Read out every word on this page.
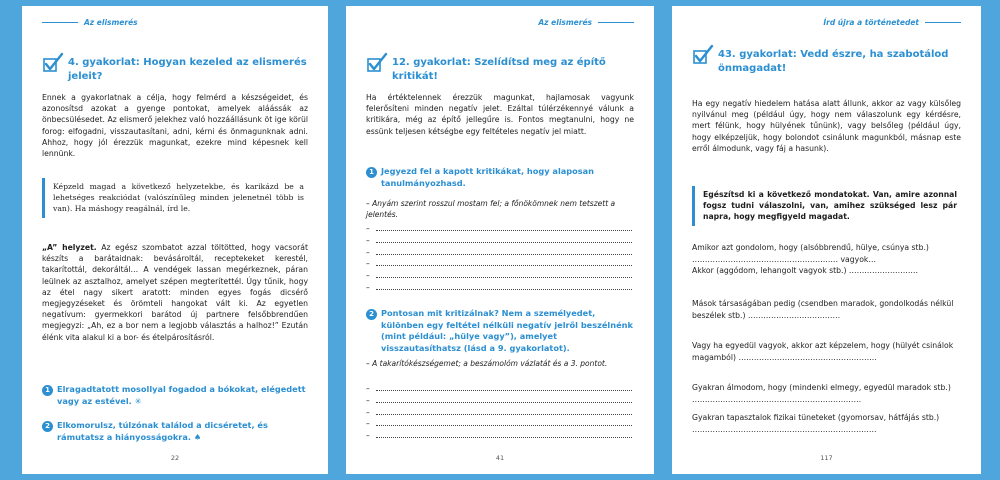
Az elismerés
4. gyakorlat: Hogyan kezeled az elismerés jeleit?
Ennek a gyakorlatnak a célja, hogy felmérd a készségeidet, és azonosítsd azokat a gyenge pontokat, amelyek aláássák az önbecsülésedet. Az elismerő jelekhez való hozzáállásunk öt ige körül forog: elfogadni, visszautasítani, adni, kérni és önmagunknak adni. Ahhoz, hogy jól érezzük magunkat, ezekre mind képesnek kell lennünk.
Képzeld magad a következő helyzetekbe, és karikázd be a lehetséges reakciódat (valószínűleg minden jelenetnél több is van). Ha máshogy reagálnál, írd le.
„A” helyzet. Az egész szombatot azzal töltötted, hogy vacsorát készíts a barátaidnak: bevásároltál, receptekeket kerestél, takarítottál, dekoráltál… A vendégek lassan megérkeznek, páran leülnek az asztalhoz, amelyet szépen megterítettél. Úgy tűnik, hogy az étel nagy sikert aratott: minden egyes fogás dicsérő megjegyzéseket és örömteli hangokat vált ki. Az egyetlen negatívum: gyermekkori barátod új partnere felsőbbrendűen megjegyzi: „Ah, ez a bor nem a legjobb választás a halhoz!” Ezután élénk vita alakul ki a bor- és ételpárosításról.
1 Elragadtatott mosollyal fogadod a bókokat, elégedett vagy az estével. ✳
2 Elkomorulsz, túlzónak találod a dicséretet, és rámutatsz a hiányosságokra. ♠
22
Az elismerés
12. gyakorlat: Szelídítsd meg az építő kritikát!
Ha értéktelennek érezzük magunkat, hajlamosak vagyunk felerősíteni minden negatív jelet. Ezáltal túlérzékennyé válunk a kritikára, még az építő jellegűre is. Fontos megtanulni, hogy ne essünk teljesen kétségbe egy feltételes negatív jel miatt.
1 Jegyezd fel a kapott kritikákat, hogy alaposan tanulmányozhasd.
– Anyám szerint rosszul mostam fel; a főnökömnek nem tetszett a jelentés.
–
–
–
–
–
–
2 Pontosan mit kritizálnak? Nem a személyedet, különben egy feltétel nélküli negatív jelről beszélnénk (mint például: „hülye vagy”), amelyet visszautasíthatsz (lásd a 9. gyakorlatot).
– A takarítókészségemet; a beszámolóm vázlatát és a 3. pontot.
–
–
–
–
–
41
Írd újra a történetedet
43. gyakorlat: Vedd észre, ha szabotálod önmagadat!
Ha egy negatív hiedelem hatása alatt állunk, akkor az vagy külsőleg nyilvánul meg (például úgy, hogy nem válaszolunk egy kérdésre, mert félünk, hogy hülyének tűnünk), vagy belsőleg (például úgy, hogy elképzeljük, hogy bolondot csinálunk magunkból, másnap este erről álmodunk, vagy fáj a hasunk).
Egészítsd ki a következő mondatokat. Van, amire azonnal fogsz tudni válaszolni, van, amihez szükséged lesz pár napra, hogy megfigyeld magadat.
Amikor azt gondolom, hogy (alsóbbrendű, hülye, csúnya stb.) ………………………………………………… vagyok…
Akkor (aggódom, lehangolt vagyok stb.) ………………………
Mások társaságában pedig (csendben maradok, gondolkodás nélkül beszélek stb.) ………………………………
Vagy ha egyedül vagyok, akkor azt képzelem, hogy (hülyét csinálok magamból) ………………………………………………
Gyakran álmodom, hogy (mindenki elmegy, egyedül maradok stb.) …………………………………………………………
Gyakran tapasztalok fizikai tüneteket (gyomorsav, hátfájás stb.) ………………………………………………………………
117
